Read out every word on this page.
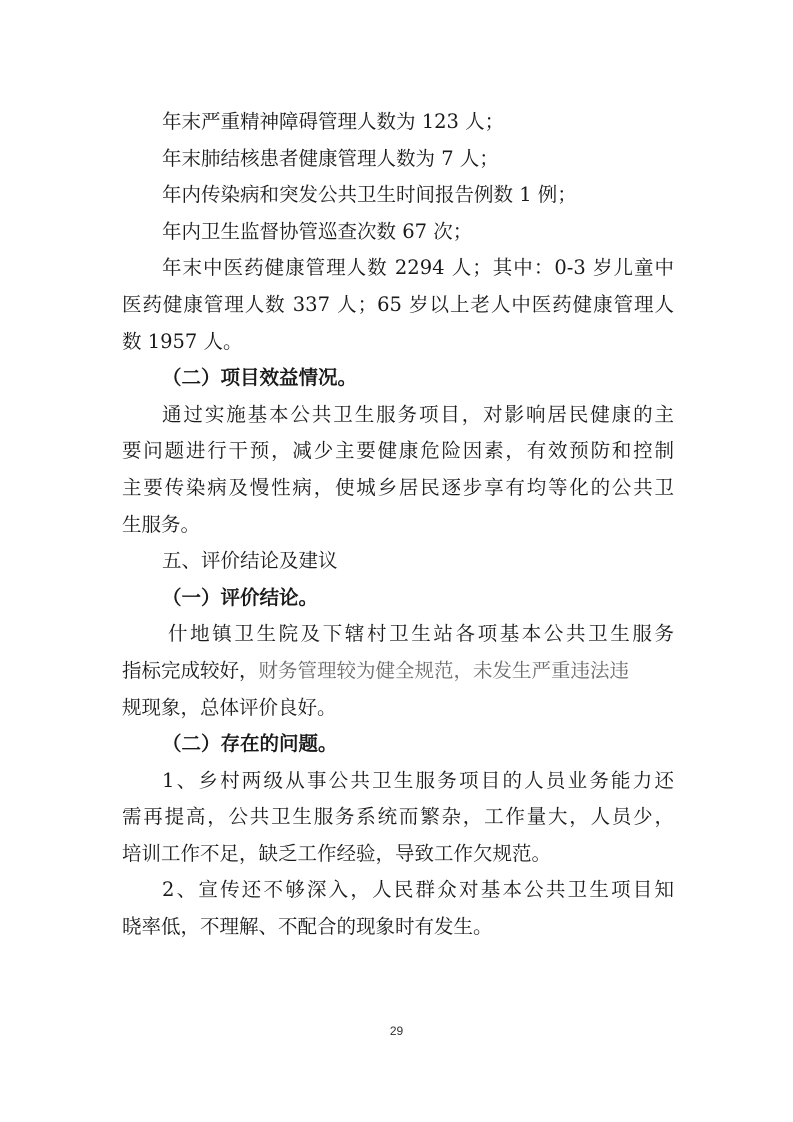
年末严重精神障碍管理人数为 123 人；
年末肺结核患者健康管理人数为 7 人；
年内传染病和突发公共卫生时间报告例数 1 例；
年内卫生监督协管巡查次数 67 次；
年末中医药健康管理人数 2294 人；其中：0-3 岁儿童中
医药健康管理人数 337 人；65 岁以上老人中医药健康管理人
数 1957 人。
（二）项目效益情况。
通过实施基本公共卫生服务项目，对影响居民健康的主
要问题进行干预，减少主要健康危险因素，有效预防和控制
主要传染病及慢性病，使城乡居民逐步享有均等化的公共卫
生服务。
五、评价结论及建议
（一）评价结论。
什地镇卫生院及下辖村卫生站各项基本公共卫生服务
指标完成较好，财务管理较为健全规范，未发生严重违法违
规现象，总体评价良好。
（二）存在的问题。
1、乡村两级从事公共卫生服务项目的人员业务能力还
需再提高，公共卫生服务系统而繁杂，工作量大，人员少，
培训工作不足，缺乏工作经验，导致工作欠规范。
2、宣传还不够深入，人民群众对基本公共卫生项目知
晓率低，不理解、不配合的现象时有发生。
29
